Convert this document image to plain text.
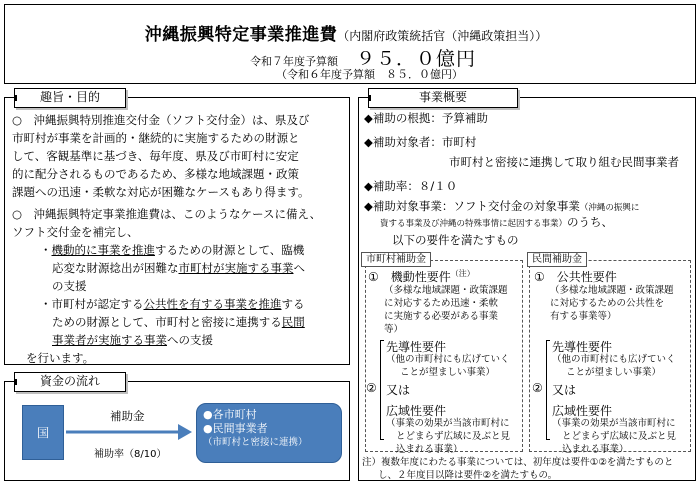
沖縄振興特定事業推進費（内閣府政策統括官（沖縄政策担当））
令和７年度予算額 ９５．０億円
（令和６年度予算額　８５．０億円）
趣旨・目的
○　沖縄振興特別推進交付金（ソフト交付金）は、県及び
市町村が事業を計画的・継続的に実施するための財源と
して、客観基準に基づき、毎年度、県及び市町村に安定
的に配分されるものであるため、多様な地域課題・政策
課題への迅速・柔軟な対応が困難なケースもあり得ます。
○　沖縄振興特定事業推進費は、このようなケースに備え、
ソフト交付金を補完し、
・機動的に事業を推進するための財源として、臨機
応変な財源捻出が困難な市町村が実施する事業へ
の支援
・市町村が認定する公共性を有する事業を推進する
ための財源として、市町村と密接に連携する民間
事業者が実施する事業への支援
を行います。
資金の流れ
国
補助金
補助率（8/10）
●各市町村
●民間事業者
（市町村と密接に連携）
事業概要
◆補助の根拠：予算補助
◆補助対象者：市町村
市町村と密接に連携して取り組む民間事業者
◆補助率：８/１０
◆補助対象事業：ソフト交付金の対象事業（沖縄の振興に
資する事業及び沖縄の特殊事情に起因する事業）のうち、
以下の要件を満たすもの
市町村補助金
①　機動性要件$^{(注)}$
（多様な地域課題・政策課題
に対応するため迅速・柔軟
に実施する必要がある事業
等）
先導性要件
（他の市町村にも広げていく
ことが望ましい事業）
② 又は
広域性要件
（事業の効果が当該市町村に
とどまらず広域に及ぶと見
込まれる事業）
民間補助金
①　公共性要件
（多様な地域課題・政策課題
に対応するための公共性を
有する事業等）
先導性要件
（他の市町村にも広げていく
ことが望ましい事業）
② 又は
広域性要件
（事業の効果が当該市町村に
とどまらず広域に及ぶと見
込まれる事業）
注）複数年度にわたる事業については、初年度は要件①②を満たすものと
し、２年度目以降は要件②を満たすもの。
